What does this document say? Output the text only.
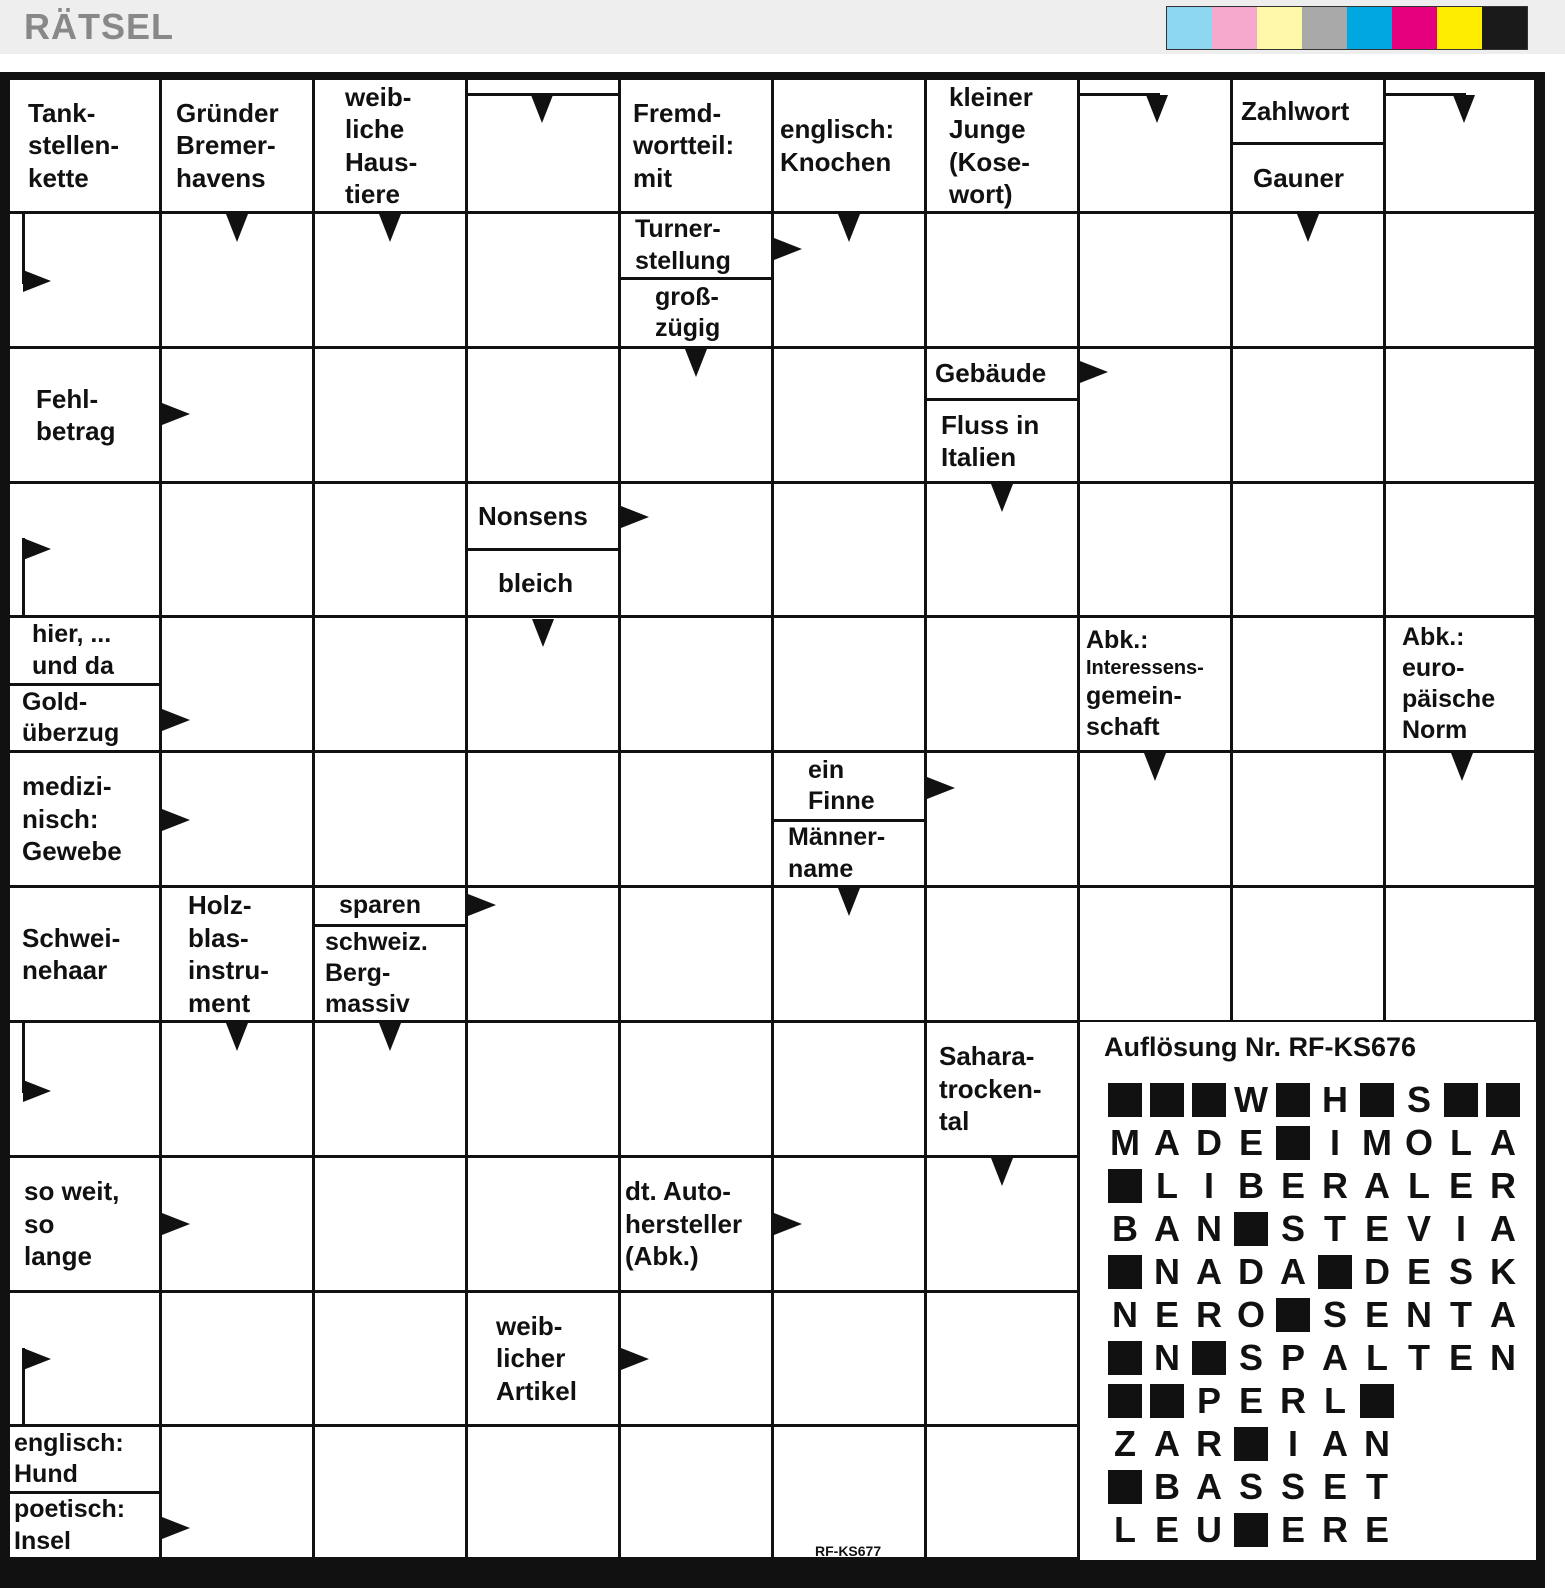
RÄTSEL
Tank-
stellen-
kette
Gründer
Bremer-
havens
weib-
liche
Haus-
tiere
Fremd-
wortteil:
mit
englisch:
Knochen
kleiner
Junge
(Kose-
wort)
Zahlwort
Gauner
Turner-
stellung
groß-
zügig
Fehl-
betrag
Gebäude
Fluss in
Italien
Nonsens
bleich
hier, ...
und da
Gold-
überzug
Abk.:
euro-
päische
Norm
medizi-
nisch:
Gewebe
ein
Finne
Männer-
name
Schwei-
nehaar
Holz-
blas-
instru-
ment
sparen
schweiz.
Berg-
massiv
Sahara-
trocken-
tal
so weit,
so
lange
dt. Auto-
hersteller
(Abk.)
weib-
licher
Artikel
englisch:
Hund
poetisch:
Insel
Abk.:
Interessens-
gemein-
schaft
Auflösung Nr. RF-KS676
W H S
M A D E	I M O L A
L I B E R A L E R
B A N S T E V I A
N A D A D E S K
N E R O S E N T A
N S P A L T E N
P E R L
Z A R	I A N
B A S S E T
L E U E R E
RF-KS677
